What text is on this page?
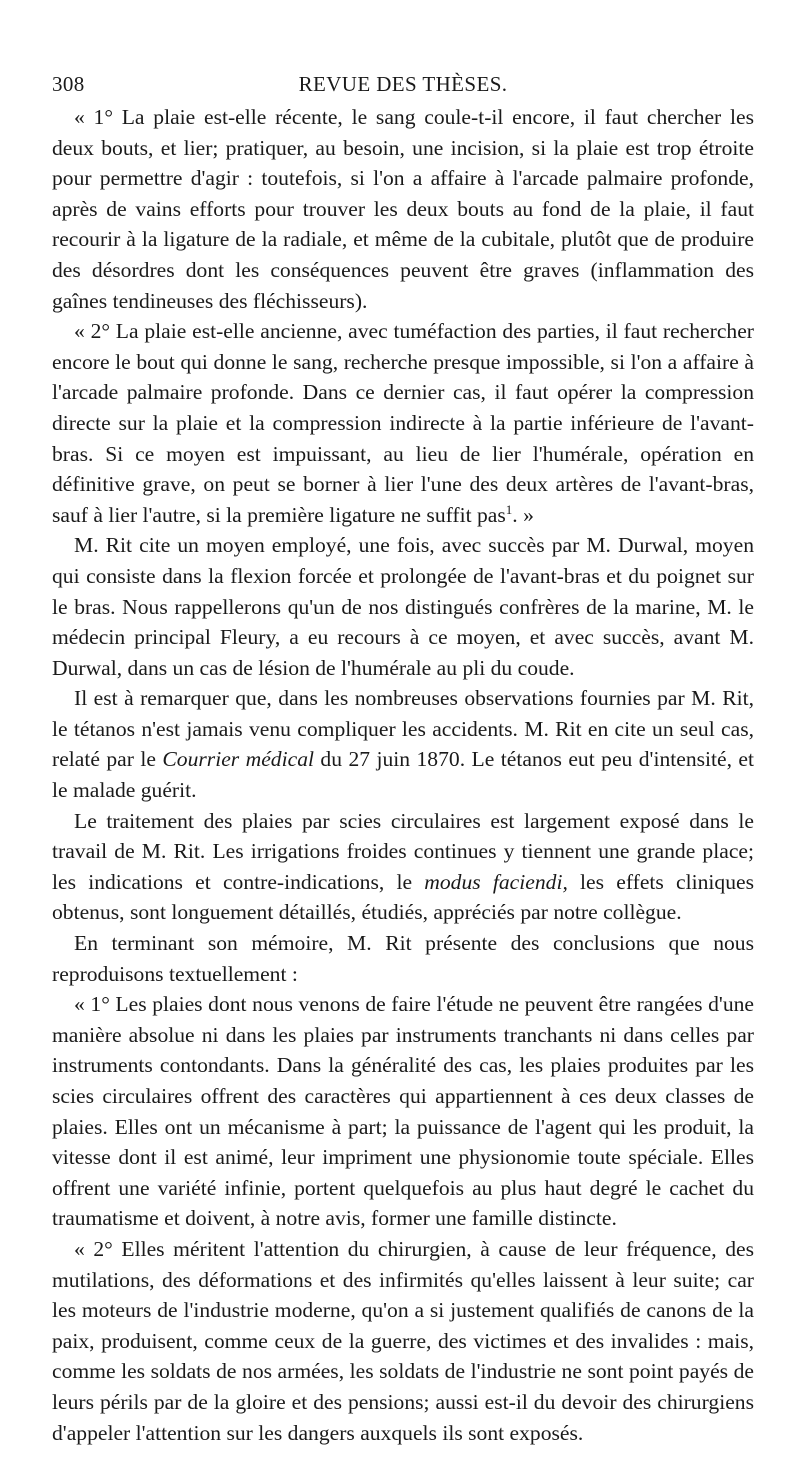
308	REVUE DES THÈSES.

« 1° La plaie est-elle récente, le sang coule-t-il encore, il faut chercher les deux bouts, et lier; pratiquer, au besoin, une incision, si la plaie est trop étroite pour permettre d'agir : toutefois, si l'on a affaire à l'arcade palmaire profonde, après de vains efforts pour trouver les deux bouts au fond de la plaie, il faut recourir à la ligature de la radiale, et même de la cubitale, plutôt que de produire des désordres dont les conséquences peuvent être graves (inflammation des gaînes tendineuses des fléchisseurs).

« 2° La plaie est-elle ancienne, avec tuméfaction des parties, il faut rechercher encore le bout qui donne le sang, recherche presque impossible, si l'on a affaire à l'arcade palmaire profonde. Dans ce dernier cas, il faut opérer la compression directe sur la plaie et la compression indirecte à la partie inférieure de l'avant-bras. Si ce moyen est impuissant, au lieu de lier l'humérale, opération en définitive grave, on peut se borner à lier l'une des deux artères de l'avant-bras, sauf à lier l'autre, si la première ligature ne suffit pas$^1$. »

M. Rit cite un moyen employé, une fois, avec succès par M. Durwal, moyen qui consiste dans la flexion forcée et prolongée de l'avant-bras et du poignet sur le bras. Nous rappellerons qu'un de nos distingués confrères de la marine, M. le médecin principal Fleury, a eu recours à ce moyen, et avec succès, avant M. Durwal, dans un cas de lésion de l'humérale au pli du coude.

Il est à remarquer que, dans les nombreuses observations fournies par M. Rit, le tétanos n'est jamais venu compliquer les accidents. M. Rit en cite un seul cas, relaté par le Courrier médical du 27 juin 1870. Le tétanos eut peu d'intensité, et le malade guérit.

Le traitement des plaies par scies circulaires est largement exposé dans le travail de M. Rit. Les irrigations froides continues y tiennent une grande place; les indications et contre-indications, le modus faciendi, les effets cliniques obtenus, sont longuement détaillés, étudiés, appréciés par notre collègue.

En terminant son mémoire, M. Rit présente des conclusions que nous reproduisons textuellement :

« 1° Les plaies dont nous venons de faire l'étude ne peuvent être rangées d'une manière absolue ni dans les plaies par instruments tranchants ni dans celles par instruments contondants. Dans la généralité des cas, les plaies produites par les scies circulaires offrent des caractères qui appartiennent à ces deux classes de plaies. Elles ont un mécanisme à part; la puissance de l'agent qui les produit, la vitesse dont il est animé, leur impriment une physionomie toute spéciale. Elles offrent une variété infinie, portent quelquefois au plus haut degré le cachet du traumatisme et doivent, à notre avis, former une famille distincte.

« 2° Elles méritent l'attention du chirurgien, à cause de leur fréquence, des mutilations, des déformations et des infirmités qu'elles laissent à leur suite; car les moteurs de l'industrie moderne, qu'on a si justement qualifiés de canons de la paix, produisent, comme ceux de la guerre, des victimes et des invalides : mais, comme les soldats de nos armées, les soldats de l'industrie ne sont point payés de leurs périls par de la gloire et des pensions; aussi est-il du devoir des chirurgiens d'appeler l'attention sur les dangers auxquels ils sont exposés.
